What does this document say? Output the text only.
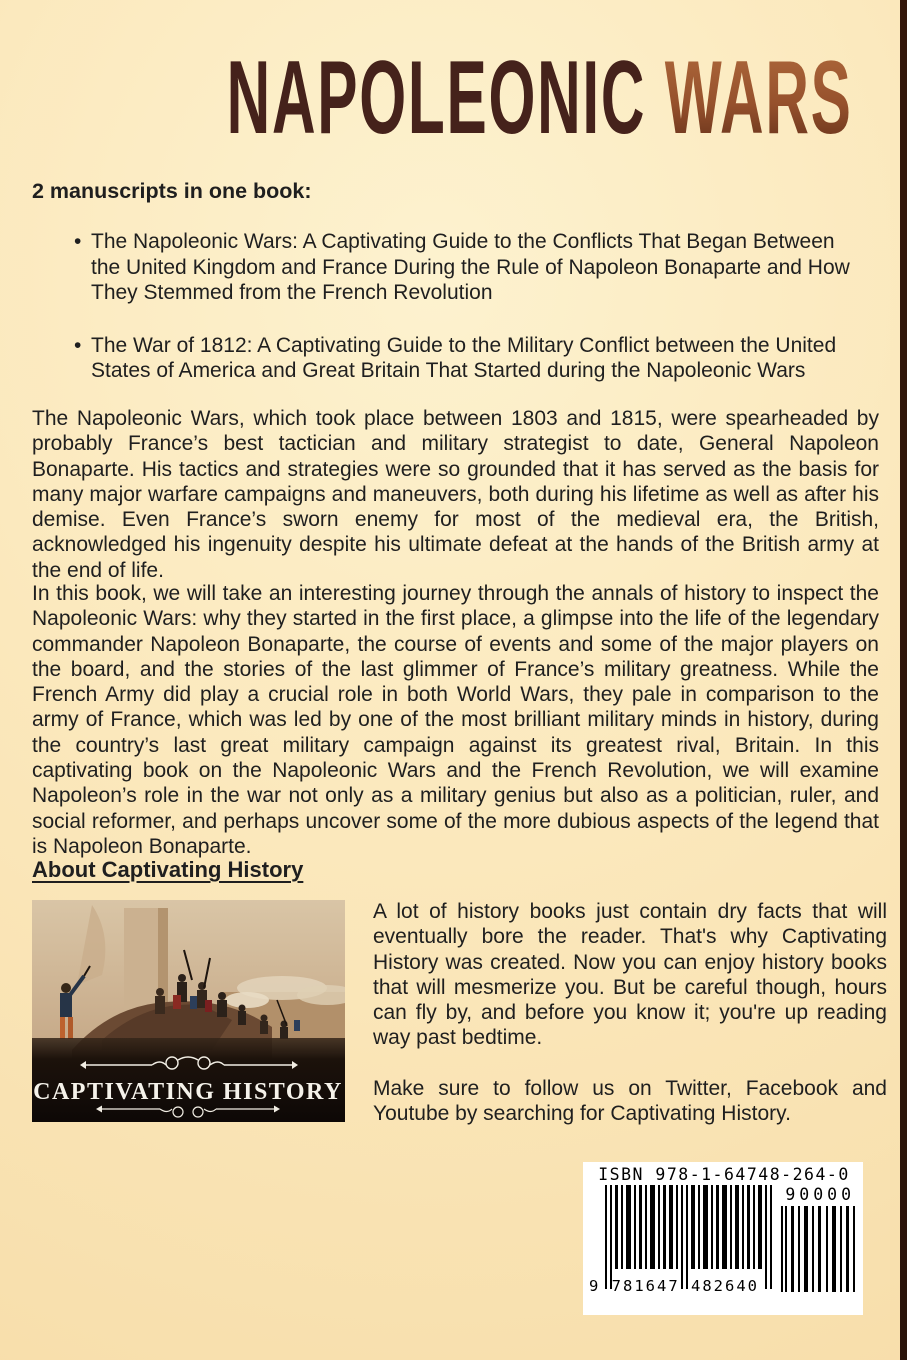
NAPOLEONIC WARS
2 manuscripts in one book:
• The Napoleonic Wars: A Captivating Guide to the Conflicts That Began Between the United Kingdom and France During the Rule of Napoleon Bonaparte and How They Stemmed from the French Revolution
• The War of 1812: A Captivating Guide to the Military Conflict between the United States of America and Great Britain That Started during the Napoleonic Wars
The Napoleonic Wars, which took place between 1803 and 1815, were spearheaded by probably France’s best tactician and military strategist to date, General Napoleon Bonaparte. His tactics and strategies were so grounded that it has served as the basis for many major warfare campaigns and maneuvers, both during his lifetime as well as after his demise. Even France’s sworn enemy for most of the medieval era, the British, acknowledged his ingenuity despite his ultimate defeat at the hands of the British army at the end of life.
In this book, we will take an interesting journey through the annals of history to inspect the Napoleonic Wars: why they started in the first place, a glimpse into the life of the legendary commander Napoleon Bonaparte, the course of events and some of the major players on the board, and the stories of the last glimmer of France’s military greatness. While the French Army did play a crucial role in both World Wars, they pale in comparison to the army of France, which was led by one of the most brilliant military minds in history, during the country’s last great military campaign against its greatest rival, Britain. In this captivating book on the Napoleonic Wars and the French Revolution, we will examine Napoleon’s role in the war not only as a military genius but also as a politician, ruler, and social reformer, and perhaps uncover some of the more dubious aspects of the legend that is Napoleon Bonaparte.
About Captivating History
CAPTIVATING HISTORY
A lot of history books just contain dry facts that will eventually bore the reader. That's why Captivating History was created. Now you can enjoy history books that will mesmerize you. But be careful though, hours can fly by, and before you know it; you're up reading way past bedtime.
Make sure to follow us on Twitter, Facebook and Youtube by searching for Captivating History.
ISBN 978-1-64748-264-0
9 781647 482640
90000
